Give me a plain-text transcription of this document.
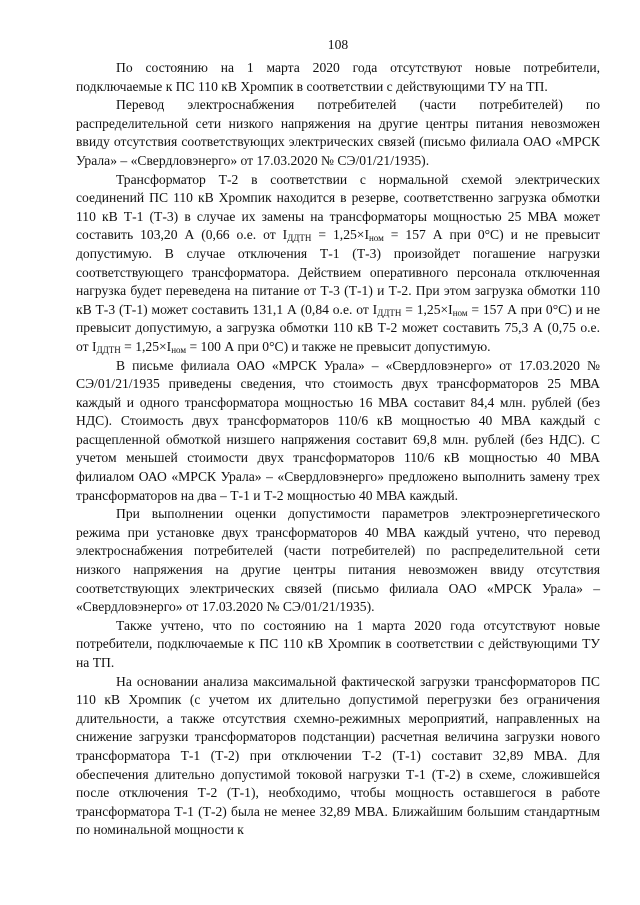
108

По состоянию на 1 марта 2020 года отсутствуют новые потребители, подключаемые к ПС 110 кВ Хромпик в соответствии с действующими ТУ на ТП.

Перевод электроснабжения потребителей (части потребителей) по распределительной сети низкого напряжения на другие центры питания невозможен ввиду отсутствия соответствующих электрических связей (письмо филиала ОАО «МРСК Урала» – «Свердловэнерго» от 17.03.2020 № СЭ/01/21/1935).

Трансформатор Т-2 в соответствии с нормальной схемой электрических соединений ПС 110 кВ Хромпик находится в резерве, соответственно загрузка обмотки 110 кВ Т-1 (Т-3) в случае их замены на трансформаторы мощностью 25 МВА может составить 103,20 А (0,66 о.е. от $I_{ДДТН} = 1,25\times I_{ном} = 157$ А при 0°С) и не превысит допустимую. В случае отключения Т-1 (Т-3) произойдет погашение нагрузки соответствующего трансформатора. Действием оперативного персонала отключенная нагрузка будет переведена на питание от Т-3 (Т-1) и Т-2. При этом загрузка обмотки 110 кВ Т-3 (Т-1) может составить 131,1 А (0,84 о.е. от $I_{ДДТН} = 1,25\times I_{ном} = 157$ А при 0°С) и не превысит допустимую, а загрузка обмотки 110 кВ Т-2 может составить 75,3 А (0,75 о.е. от $I_{ДДТН} = 1,25\times I_{ном} = 100$ А при 0°С) и также не превысит допустимую.

В письме филиала ОАО «МРСК Урала» – «Свердловэнерго» от 17.03.2020 № СЭ/01/21/1935 приведены сведения, что стоимость двух трансформаторов 25 МВА каждый и одного трансформатора мощностью 16 МВА составит 84,4 млн. рублей (без НДС). Стоимость двух трансформаторов 110/6 кВ мощностью 40 МВА каждый с расщепленной обмоткой низшего напряжения составит 69,8 млн. рублей (без НДС). С учетом меньшей стоимости двух трансформаторов 110/6 кВ мощностью 40 МВА филиалом ОАО «МРСК Урала» – «Свердловэнерго» предложено выполнить замену трех трансформаторов на два – Т-1 и Т-2 мощностью 40 МВА каждый.

При выполнении оценки допустимости параметров электроэнергетического режима при установке двух трансформаторов 40 МВА каждый учтено, что перевод электроснабжения потребителей (части потребителей) по распределительной сети низкого напряжения на другие центры питания невозможен ввиду отсутствия соответствующих электрических связей (письмо филиала ОАО «МРСК Урала» – «Свердловэнерго» от 17.03.2020 № СЭ/01/21/1935).

Также учтено, что по состоянию на 1 марта 2020 года отсутствуют новые потребители, подключаемые к ПС 110 кВ Хромпик в соответствии с действующими ТУ на ТП.

На основании анализа максимальной фактической загрузки трансформаторов ПС 110 кВ Хромпик (с учетом их длительно допустимой перегрузки без ограничения длительности, а также отсутствия схемно-режимных мероприятий, направленных на снижение загрузки трансформаторов подстанции) расчетная величина загрузки нового трансформатора Т-1 (Т-2) при отключении Т-2 (Т-1) составит 32,89 МВА. Для обеспечения длительно допустимой токовой нагрузки Т-1 (Т-2) в схеме, сложившейся после отключения Т-2 (Т-1), необходимо, чтобы мощность оставшегося в работе трансформатора Т-1 (Т-2) была не менее 32,89 МВА. Ближайшим большим стандартным по номинальной мощности к
